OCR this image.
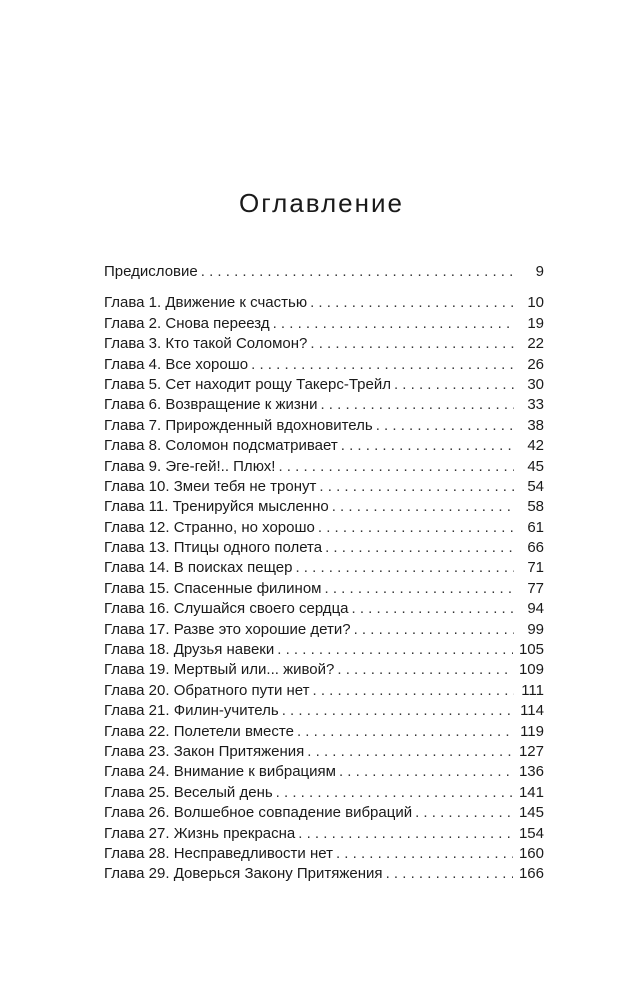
Оглавление
Предисловие . . .	9
Глава 1. Движение к счастью . . .	10
Глава 2. Снова переезд . . .	19
Глава 3. Кто такой Соломон? . . .	22
Глава 4. Все хорошо . . .	26
Глава 5. Сет находит рощу Такерс-Трейл . . .	30
Глава 6. Возвращение к жизни . . .	33
Глава 7. Прирожденный вдохновитель . . .	38
Глава 8. Соломон подсматривает . . .	42
Глава 9. Эге-гей!.. Плюх! . . .	45
Глава 10. Змеи тебя не тронут . . .	54
Глава 11. Тренируйся мысленно . . .	58
Глава 12. Странно, но хорошо . . .	61
Глава 13. Птицы одного полета . . .	66
Глава 14. В поисках пещер . . .	71
Глава 15. Спасенные филином . . .	77
Глава 16. Слушайся своего сердца . . .	94
Глава 17. Разве это хорошие дети? . . .	99
Глава 18. Друзья навеки . . .	105
Глава 19. Мертвый или... живой? . . .	109
Глава 20. Обратного пути нет . . .	111
Глава 21. Филин-учитель . . .	114
Глава 22. Полетели вместе . . .	119
Глава 23. Закон Притяжения . . .	127
Глава 24. Внимание к вибрациям . . .	136
Глава 25. Веселый день . . .	141
Глава 26. Волшебное совпадение вибраций . . .	145
Глава 27. Жизнь прекрасна . . .	154
Глава 28. Несправедливости нет . . .	160
Глава 29. Доверься Закону Притяжения . . .	166
